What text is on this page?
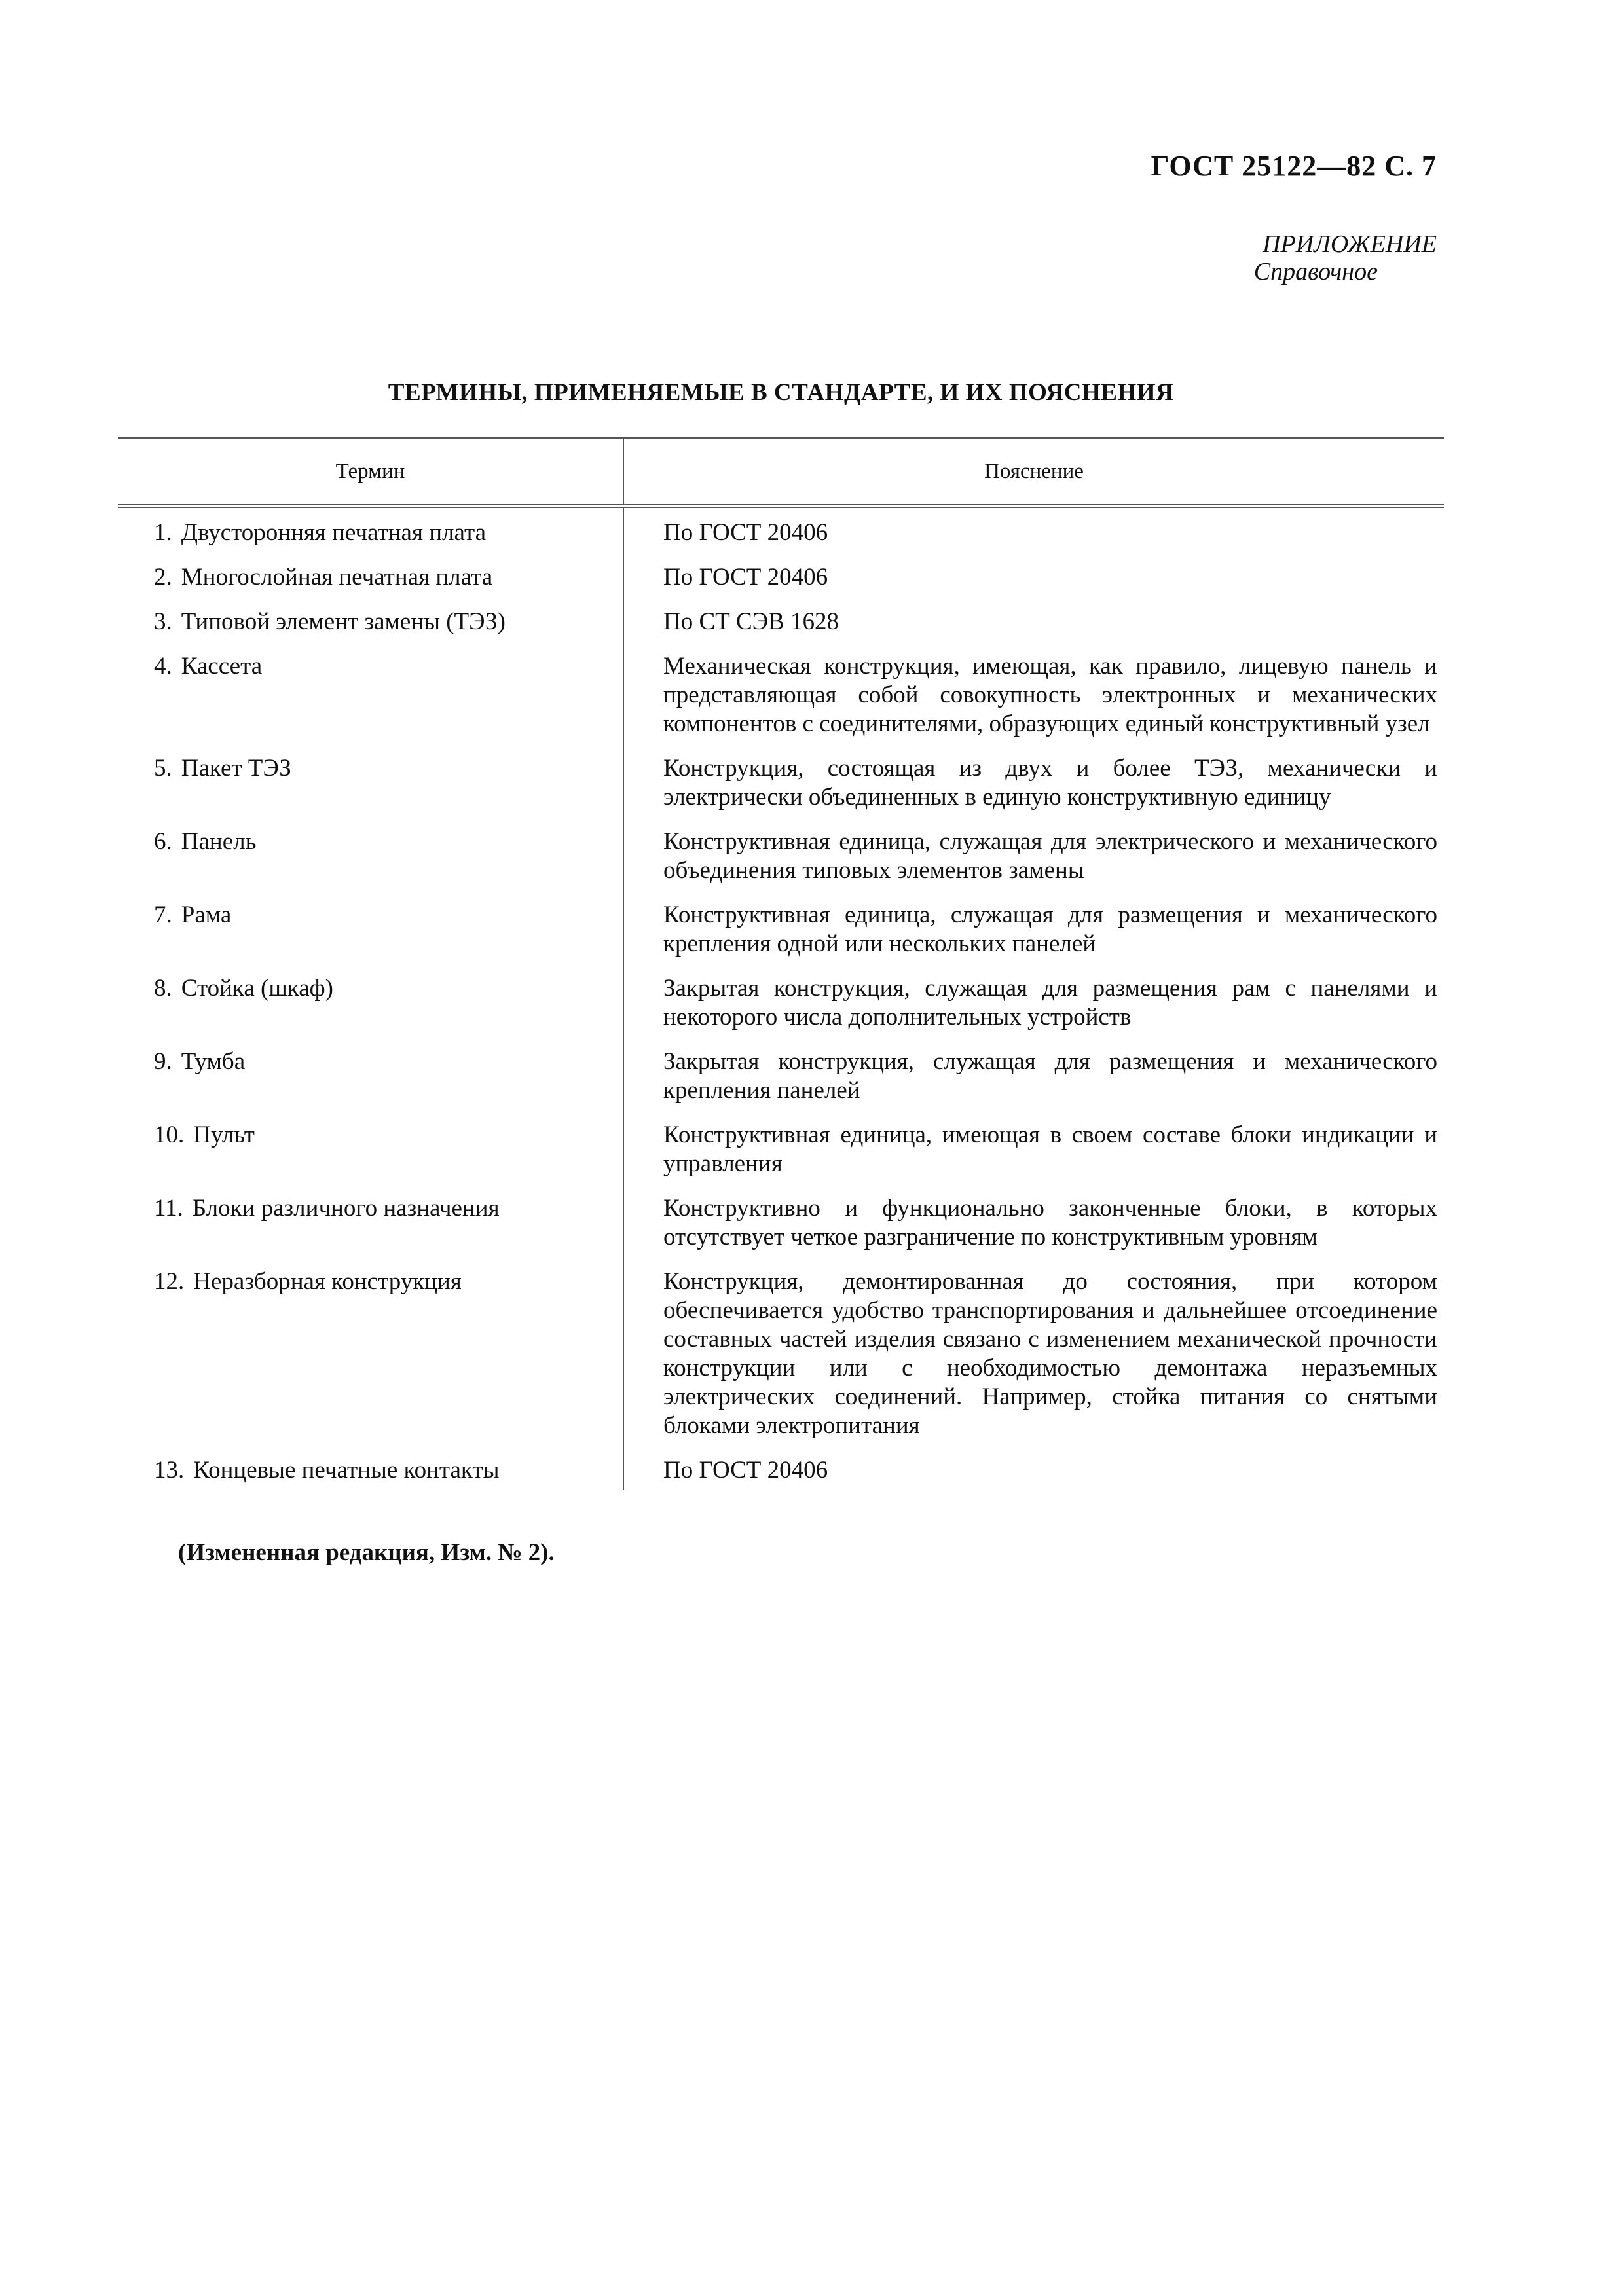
ГОСТ 25122—82 С. 7
ПРИЛОЖЕНИЕ

Справочное
ТЕРМИНЫ, ПРИМЕНЯЕМЫЕ В СТАНДАРТЕ, И ИХ ПОЯСНЕНИЯ
Термин	Пояснение
1. Двусторонняя печатная плата	По ГОСТ 20406
2. Многослойная печатная плата	По ГОСТ 20406
3. Типовой элемент замены (ТЭЗ)	По СТ СЭВ 1628
4. Кассета	Механическая конструкция, имеющая, как правило, лицевую панель и представляющая собой совокупность электронных и механических компонентов с соединителями, образующих единый конструктивный узел
5. Пакет ТЭЗ	Конструкция, состоящая из двух и более ТЭЗ, механически и электрически объединенных в единую конструктивную единицу
6. Панель	Конструктивная единица, служащая для электрического и механического объединения типовых элементов замены
7. Рама	Конструктивная единица, служащая для размещения и механического крепления одной или нескольких панелей
8. Стойка (шкаф)	Закрытая конструкция, служащая для размещения рам с панелями и некоторого числа дополнительных устройств
9. Тумба	Закрытая конструкция, служащая для размещения и механического крепления панелей
10. Пульт	Конструктивная единица, имеющая в своем составе блоки индикации и управления
11. Блоки различного назначения	Конструктивно и функционально законченные блоки, в которых отсутствует четкое разграничение по конструктивным уровням
12. Неразборная конструкция	Конструкция, демонтированная до состояния, при котором обеспечивается удобство транспортирования и дальнейшее отсоединение составных частей изделия связано с изменением механической прочности конструкции или с необходимостью демонтажа неразъемных электрических соединений. Например, стойка питания со снятыми блоками электропитания
13. Концевые печатные контакты	По ГОСТ 20406
(Измененная редакция, Изм. № 2).
